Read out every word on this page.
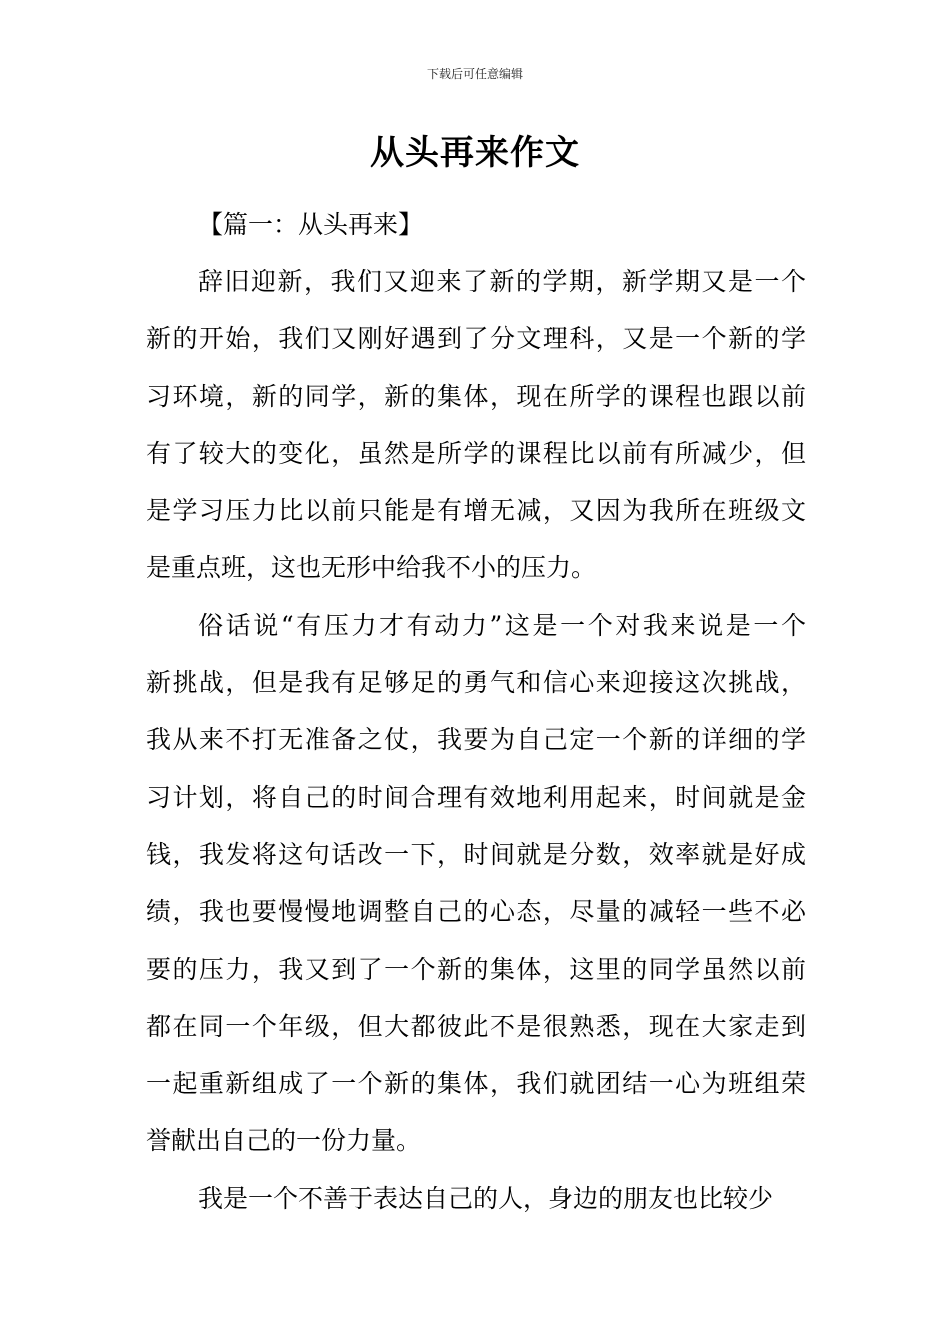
下载后可任意编辑
从头再来作文

【篇一：从头再来】

辞旧迎新，我们又迎来了新的学期，新学期又是一个
新的开始，我们又刚好遇到了分文理科，又是一个新的学
习环境，新的同学，新的集体，现在所学的课程也跟以前
有了较大的变化，虽然是所学的课程比以前有所减少，但
是学习压力比以前只能是有增无减，又因为我所在班级文
是重点班，这也无形中给我不小的压力。

俗话说“有压力才有动力”这是一个对我来说是一个
新挑战，但是我有足够足的勇气和信心来迎接这次挑战，
我从来不打无准备之仗，我要为自己定一个新的详细的学
习计划，将自己的时间合理有效地利用起来，时间就是金
钱，我发将这句话改一下，时间就是分数，效率就是好成
绩，我也要慢慢地调整自己的心态，尽量的减轻一些不必
要的压力，我又到了一个新的集体，这里的同学虽然以前
都在同一个年级，但大都彼此不是很熟悉，现在大家走到
一起重新组成了一个新的集体，我们就团结一心为班组荣
誉献出自己的一份力量。

我是一个不善于表达自己的人，身边的朋友也比较少
